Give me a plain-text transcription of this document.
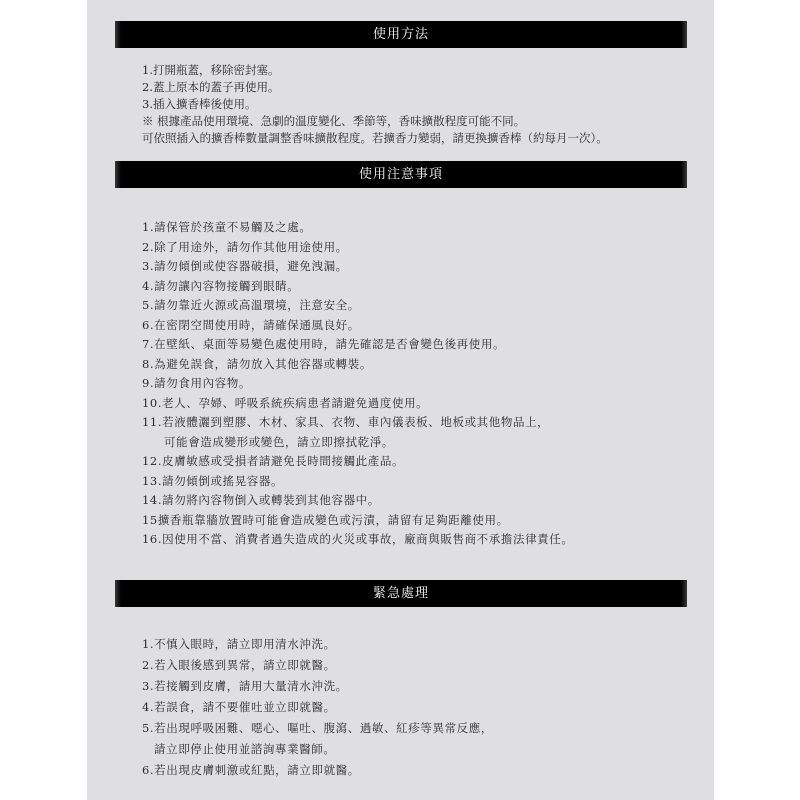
使用方法
1.打開瓶蓋，移除密封塞。
2.蓋上原本的蓋子再使用。
3.插入擴香棒後使用。
※ 根據產品使用環境、急劇的溫度變化、季節等，香味擴散程度可能不同。
可依照插入的擴香棒數量調整香味擴散程度。若擴香力變弱，請更換擴香棒（約每月一次）。
使用注意事項
1.請保管於孩童不易觸及之處。
2.除了用途外，請勿作其他用途使用。
3.請勿傾倒或使容器破損，避免洩漏。
4.請勿讓內容物接觸到眼睛。
5.請勿靠近火源或高溫環境，注意安全。
6.在密閉空間使用時，請確保通風良好。
7.在壁紙、桌面等易變色處使用時，請先確認是否會變色後再使用。
8.為避免誤食，請勿放入其他容器或轉裝。
9.請勿食用內容物。
10.老人、孕婦、呼吸系統疾病患者請避免過度使用。
11.若液體灑到塑膠、木材、家具、衣物、車內儀表板、地板或其他物品上，
可能會造成變形或變色，請立即擦拭乾淨。
12.皮膚敏感或受損者請避免長時間接觸此產品。
13.請勿傾倒或搖晃容器。
14.請勿將內容物倒入或轉裝到其他容器中。
15擴香瓶靠牆放置時可能會造成變色或污漬，請留有足夠距離使用。
16.因使用不當、消費者過失造成的火災或事故，廠商與販售商不承擔法律責任。
緊急處理
1.不慎入眼時，請立即用清水沖洗。
2.若入眼後感到異常，請立即就醫。
3.若接觸到皮膚，請用大量清水沖洗。
4.若誤食，請不要催吐並立即就醫。
5.若出現呼吸困難、噁心、嘔吐、腹瀉、過敏、紅疹等異常反應，
請立即停止使用並諮詢專業醫師。
6.若出現皮膚刺激或紅點，請立即就醫。
